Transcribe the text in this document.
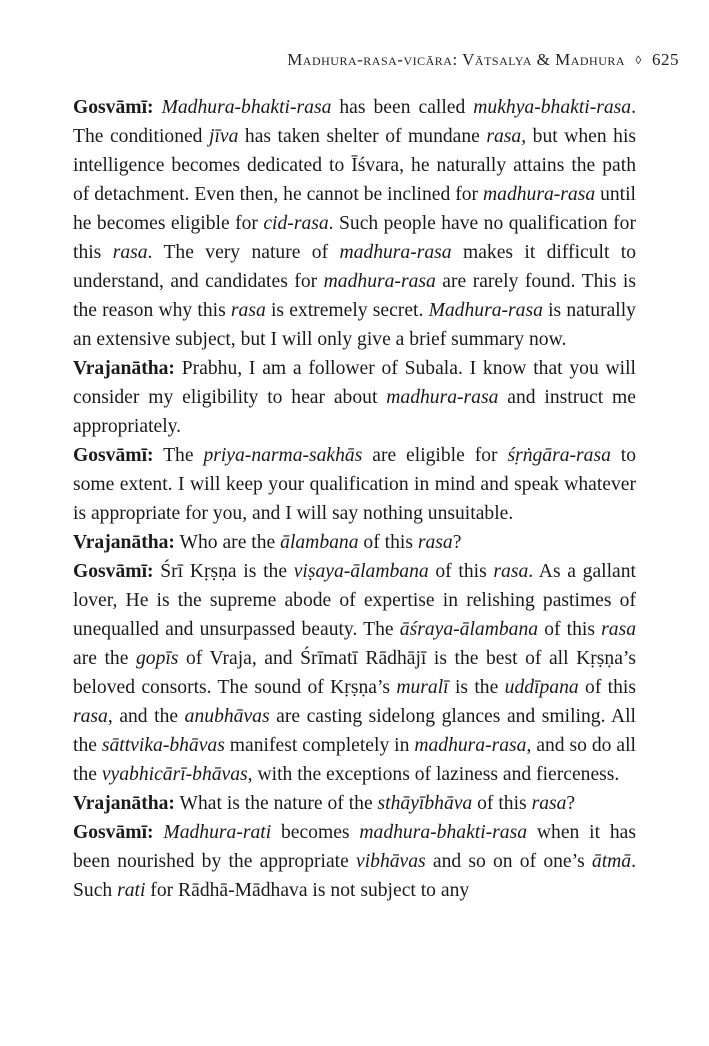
Madhura-rasa-vicāra: Vātsalya & Madhura ◊ 625

Gosvāmī: Madhura-bhakti-rasa has been called mukhya-bhakti-rasa. The conditioned jīva has taken shelter of mundane rasa, but when his intelligence becomes dedicated to Īśvara, he naturally attains the path of detachment. Even then, he cannot be inclined for madhura-rasa until he becomes eligible for cid-rasa. Such people have no qualification for this rasa. The very nature of madhura-rasa makes it difficult to understand, and candidates for madhura-rasa are rarely found. This is the reason why this rasa is extremely secret. Madhura-rasa is naturally an extensive subject, but I will only give a brief summary now.

Vrajanātha: Prabhu, I am a follower of Subala. I know that you will consider my eligibility to hear about madhura-rasa and instruct me appropriately.

Gosvāmī: The priya-narma-sakhās are eligible for śṛṅgāra-rasa to some extent. I will keep your qualification in mind and speak whatever is appropriate for you, and I will say nothing unsuitable.

Vrajanātha: Who are the ālambana of this rasa?

Gosvāmī: Śrī Kṛṣṇa is the viṣaya-ālambana of this rasa. As a gallant lover, He is the supreme abode of expertise in relishing pastimes of unequalled and unsurpassed beauty. The āśraya-ālambana of this rasa are the gopīs of Vraja, and Śrīmatī Rādhājī is the best of all Kṛṣṇa’s beloved consorts. The sound of Kṛṣṇa’s muralī is the uddīpana of this rasa, and the anubhāvas are casting sidelong glances and smiling. All the sāttvika-bhāvas manifest completely in madhura-rasa, and so do all the vyabhicārī-bhāvas, with the exceptions of laziness and fierceness.

Vrajanātha: What is the nature of the sthāyībhāva of this rasa?

Gosvāmī: Madhura-rati becomes madhura-bhakti-rasa when it has been nourished by the appropriate vibhāvas and so on of one’s ātmā. Such rati for Rādhā-Mādhava is not subject to any
